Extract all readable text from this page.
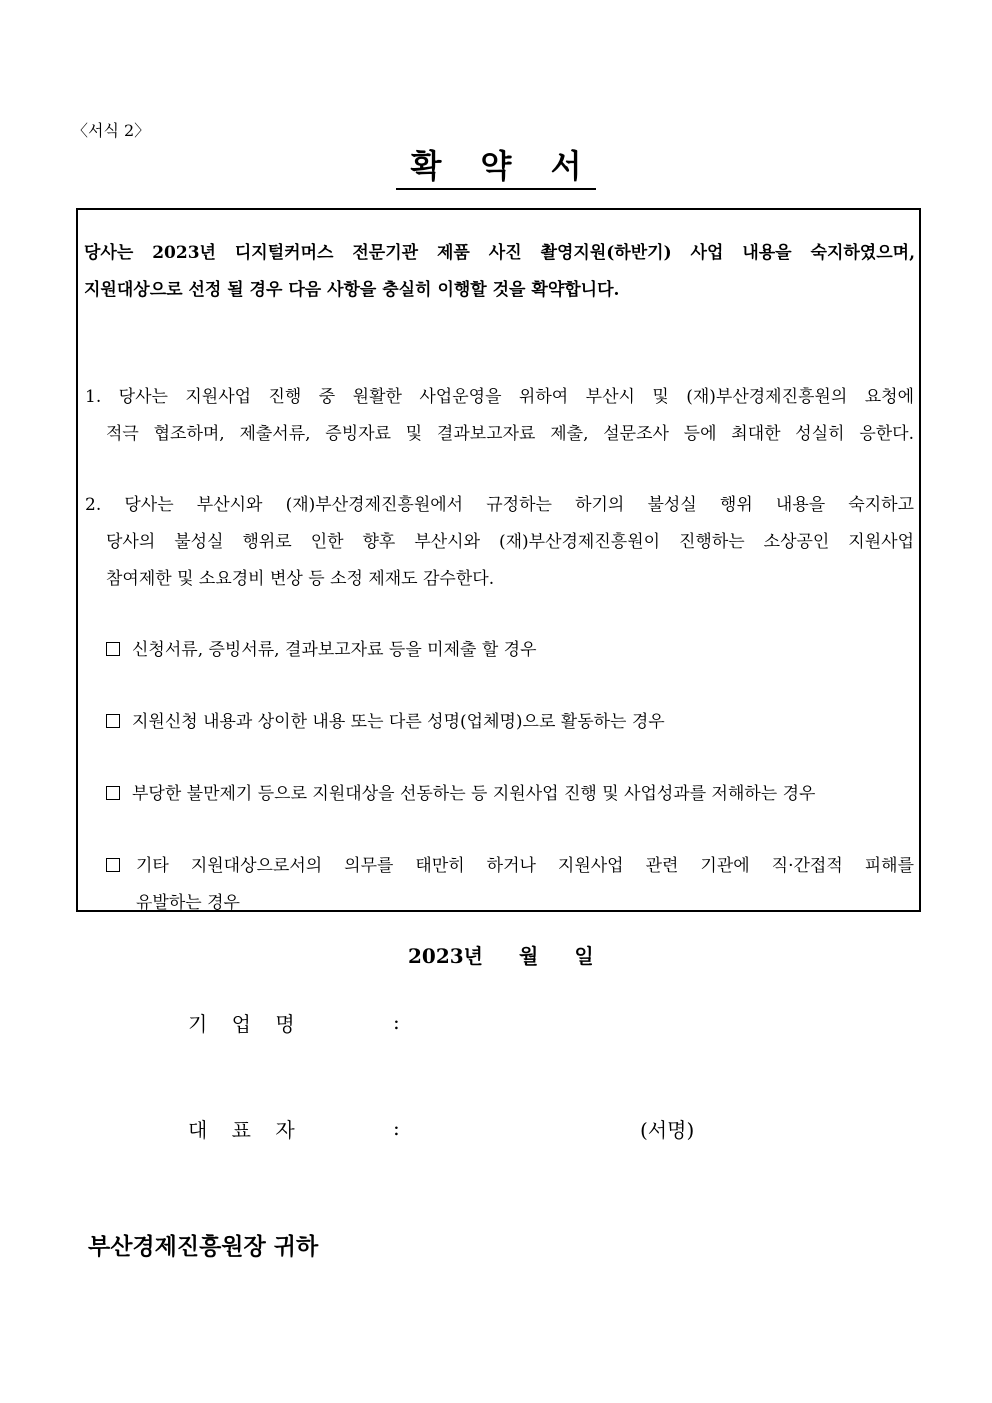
〈서식 2〉
확 약 서
당사는 2023년 디지털커머스 전문기관 제품 사진 촬영지원(하반기) 사업 내용을 숙지하였으며,
지원대상으로 선정 될 경우 다음 사항을 충실히 이행할 것을 확약합니다.
1. 당사는 지원사업 진행 중 원활한 사업운영을 위하여 부산시 및 (재)부산경제진흥원의 요청에
적극 협조하며, 제출서류, 증빙자료 및 결과보고자료 제출, 설문조사 등에 최대한 성실히 응한다.
2. 당사는 부산시와 (재)부산경제진흥원에서 규정하는 하기의 불성실 행위 내용을 숙지하고
당사의 불성실 행위로 인한 향후 부산시와 (재)부산경제진흥원이 진행하는 소상공인 지원사업
참여제한 및 소요경비 변상 등 소정 제재도 감수한다.
신청서류, 증빙서류, 결과보고자료 등을 미제출 할 경우
지원신청 내용과 상이한 내용 또는 다른 성명(업체명)으로 활동하는 경우
부당한 불만제기 등으로 지원대상을 선동하는 등 지원사업 진행 및 사업성과를 저해하는 경우
기타 지원대상으로서의 의무를 태만히 하거나 지원사업 관련 기관에 직·간접적 피해를
유발하는 경우
2023년 월 일
기 업 명	:
대 표 자	:	(서명)
부산경제진흥원장 귀하
